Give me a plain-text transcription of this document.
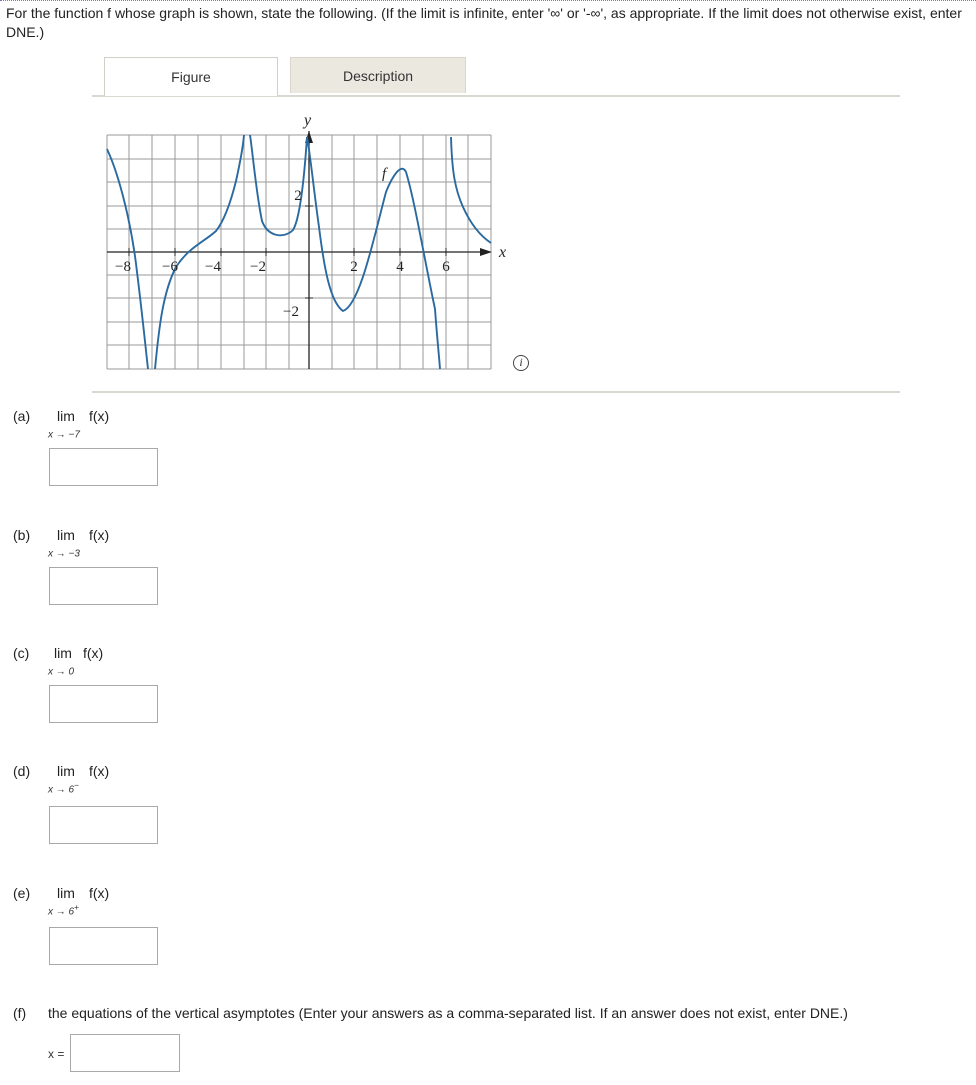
For the function f whose graph is shown, state the following. (If the limit is infinite, enter '∞' or '-∞', as appropriate. If the limit does not otherwise exist, enter DNE.)
Figure	Description
−8 −6 −4 −2	2	4	6
2
−2
y
x
f
i
(a) lim f(x)
x → −7
(b) lim f(x)
x → −3
(c) lim f(x)
x → 0
(d) lim f(x)
x → 6−
(e) lim f(x)
x → 6+
(f) the equations of the vertical asymptotes (Enter your answers as a comma-separated list. If an answer does not exist, enter DNE.)
x =
